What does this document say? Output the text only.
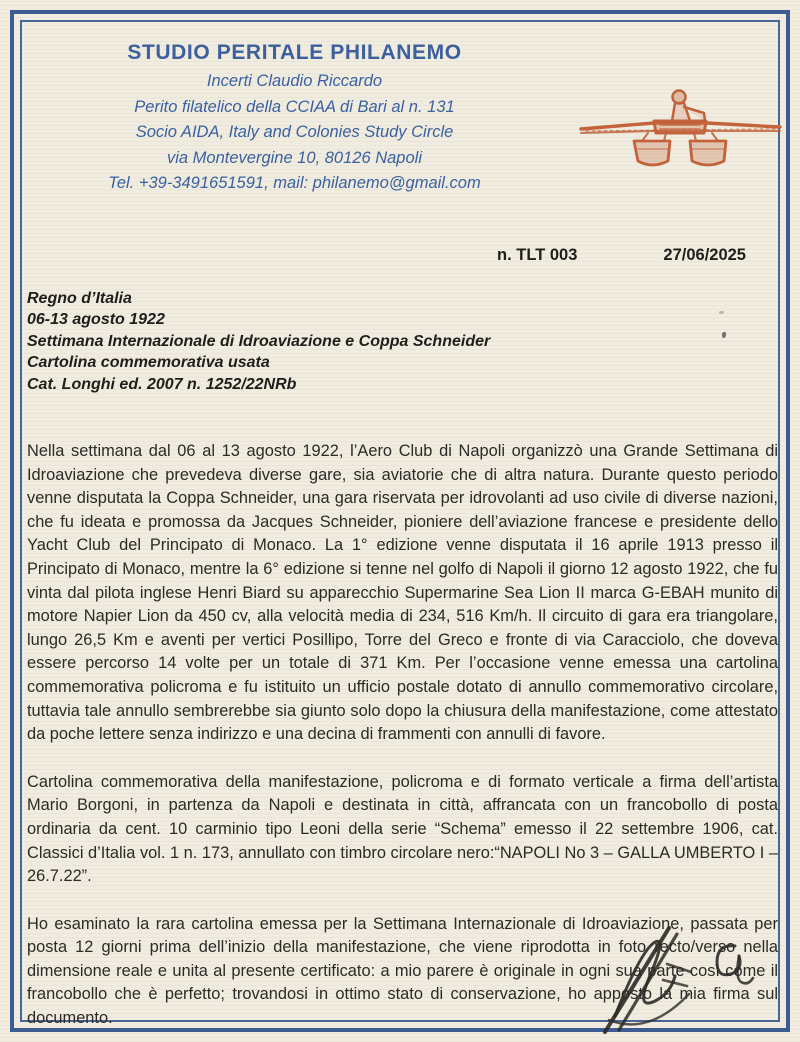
STUDIO PERITALE PHILANEMO
Incerti Claudio Riccardo
Perito filatelico della CCIAA di Bari al n. 131
Socio AIDA, Italy and Colonies Study Circle
via Montevergine 10, 80126 Napoli
Tel. +39-3491651591, mail: philanemo@gmail.com
n. TLT 003	27/06/2025
Regno d’Italia
06-13 agosto 1922
Settimana Internazionale di Idroaviazione e Coppa Schneider
Cartolina commemorativa usata
Cat. Longhi ed. 2007 n. 1252/22NRb

Nella settimana dal 06 al 13 agosto 1922, l’Aero Club di Napoli organizzò una Grande Settimana di Idroaviazione che prevedeva diverse gare, sia aviatorie che di altra natura. Durante questo periodo venne disputata la Coppa Schneider, una gara riservata per idrovolanti ad uso civile di diverse nazioni, che fu ideata e promossa da Jacques Schneider, pioniere dell’aviazione francese e presidente dello Yacht Club del Principato di Monaco. La 1° edizione venne disputata il 16 aprile 1913 presso il Principato di Monaco, mentre la 6° edizione si tenne nel golfo di Napoli il giorno 12 agosto 1922, che fu vinta dal pilota inglese Henri Biard su apparecchio Supermarine Sea Lion II marca G-EBAH munito di motore Napier Lion da 450 cv, alla velocità media di 234, 516 Km/h. Il circuito di gara era triangolare, lungo 26,5 Km e aventi per vertici Posillipo, Torre del Greco e fronte di via Caracciolo, che doveva essere percorso 14 volte per un totale di 371 Km. Per l’occasione venne emessa una cartolina commemorativa policroma e fu istituito un ufficio postale dotato di annullo commemorativo circolare, tuttavia tale annullo sembrerebbe sia giunto solo dopo la chiusura della manifestazione, come attestato da poche lettere senza indirizzo e una decina di frammenti con annulli di favore.

Cartolina commemorativa della manifestazione, policroma e di formato verticale a firma dell’artista Mario Borgoni, in partenza da Napoli e destinata in città, affrancata con un francobollo di posta ordinaria da cent. 10 carminio tipo Leoni della serie “Schema” emesso il 22 settembre 1906, cat. Classici d’Italia vol. 1 n. 173, annullato con timbro circolare nero:“NAPOLI No 3 – GALLA UMBERTO I – 26.7.22”.

Ho esaminato la rara cartolina emessa per la Settimana Internazionale di Idroaviazione, passata per posta 12 giorni prima dell’inizio della manifestazione, che viene riprodotta in foto recto/verso nella dimensione reale e unita al presente certificato: a mio parere è originale in ogni sua parte così come il francobollo che è perfetto; trovandosi in ottimo stato di conservazione, ho apposto la mia firma sul documento.
